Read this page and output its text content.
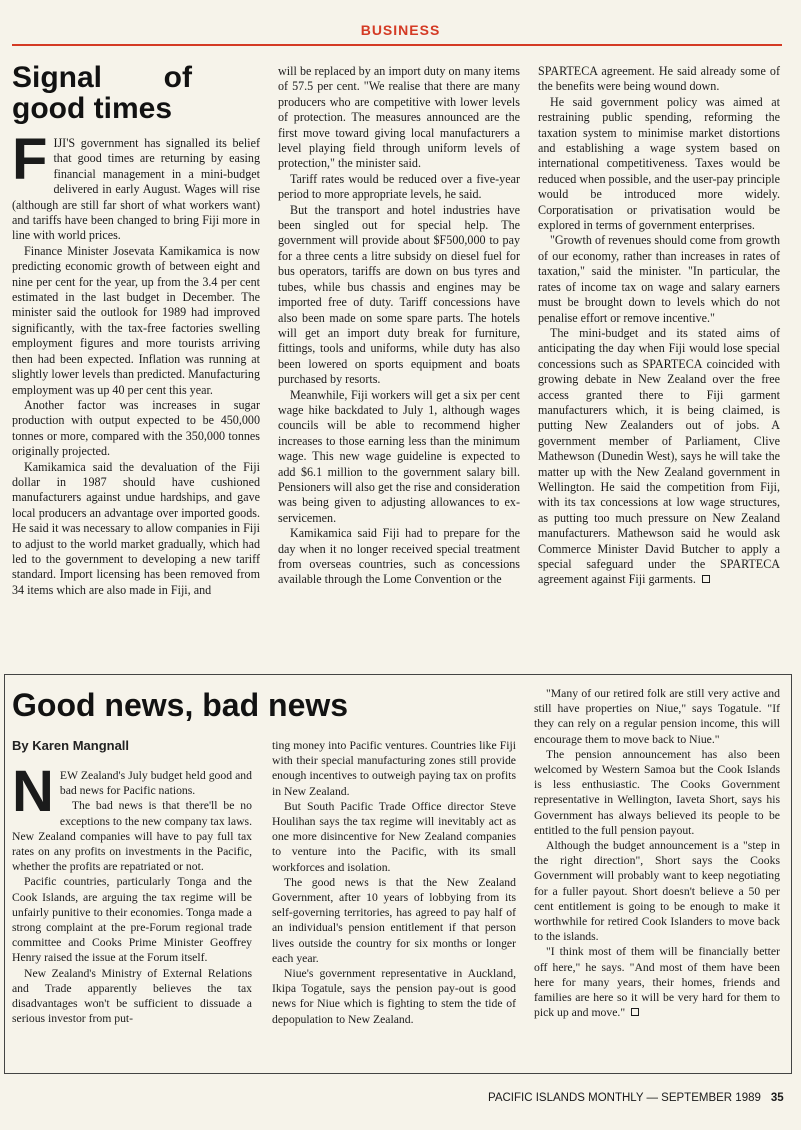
BUSINESS
Signal of good times

FIJI'S government has signalled its belief that good times are returning by easing financial management in a mini-budget delivered in early August. Wages will rise (although are still far short of what workers want) and tariffs have been changed to bring Fiji more in line with world prices.

Finance Minister Josevata Kamikamica is now predicting economic growth of between eight and nine per cent for the year, up from the 3.4 per cent estimated in the last budget in December. The minister said the outlook for 1989 had improved significantly, with the tax-free factories swelling employment figures and more tourists arriving then had been expected. Inflation was running at slightly lower levels than predicted. Manufacturing employment was up 40 per cent this year.

Another factor was increases in sugar production with output expected to be 450,000 tonnes or more, compared with the 350,000 tonnes originally projected.

Kamikamica said the devaluation of the Fiji dollar in 1987 should have cushioned manufacturers against undue hardships, and gave local producers an advantage over imported goods. He said it was necessary to allow companies in Fiji to adjust to the world market gradually, which had led to the government to developing a new tariff standard. Import licensing has been removed from 34 items which are also made in Fiji, and

will be replaced by an import duty on many items of 57.5 per cent. "We realise that there are many producers who are competitive with lower levels of protection. The measures announced are the first move toward giving local manufacturers a level playing field through uniform levels of protection," the minister said.

Tariff rates would be reduced over a five-year period to more appropriate levels, he said.

But the transport and hotel industries have been singled out for special help. The government will provide about $F500,000 to pay for a three cents a litre subsidy on diesel fuel for bus operators, tariffs are down on bus tyres and tubes, while bus chassis and engines may be imported free of duty. Tariff concessions have also been made on some spare parts. The hotels will get an import duty break for furniture, fittings, tools and uniforms, while duty has also been lowered on sports equipment and boats purchased by resorts.

Meanwhile, Fiji workers will get a six per cent wage hike backdated to July 1, although wages councils will be able to recommend higher increases to those earning less than the minimum wage. This new wage guideline is expected to add $6.1 million to the government salary bill. Pensioners will also get the rise and consideration was being given to adjusting allowances to ex-servicemen.

Kamikamica said Fiji had to prepare for the day when it no longer received special treatment from overseas countries, such as concessions available through the Lome Convention or the

SPARTECA agreement. He said already some of the benefits were being wound down.

He said government policy was aimed at restraining public spending, reforming the taxation system to minimise market distortions and establishing a wage system based on international competitiveness. Taxes would be reduced when possible, and the user-pay principle would be introduced more widely. Corporatisation or privatisation would be explored in terms of government enterprises.

"Growth of revenues should come from growth of our economy, rather than increases in rates of taxation," said the minister. "In particular, the rates of income tax on wage and salary earners must be brought down to levels which do not penalise effort or remove incentive."

The mini-budget and its stated aims of anticipating the day when Fiji would lose special concessions such as SPARTECA coincided with growing debate in New Zealand over the free access granted there to Fiji garment manufacturers which, it is being claimed, is putting New Zealanders out of jobs. A government member of Parliament, Clive Mathewson (Dunedin West), says he will take the matter up with the New Zealand government in Wellington. He said the competition from Fiji, with its tax concessions at low wage structures, as putting too much pressure on New Zealand manufacturers. Mathewson said he would ask Commerce Minister David Butcher to apply a special safeguard under the SPARTECA agreement against Fiji garments.

Good news, bad news
By Karen Mangnall

NEW Zealand's July budget held good and bad news for Pacific nations.

The bad news is that there'll be no exceptions to the new company tax laws. New Zealand companies will have to pay full tax rates on any profits on investments in the Pacific, whether the profits are repatriated or not.

Pacific countries, particularly Tonga and the Cook Islands, are arguing the tax regime will be unfairly punitive to their economies. Tonga made a strong complaint at the pre-Forum regional trade committee and Cooks Prime Minister Geoffrey Henry raised the issue at the Forum itself.

New Zealand's Ministry of External Relations and Trade apparently believes the tax disadvantages won't be sufficient to dissuade a serious investor from put-

ting money into Pacific ventures. Countries like Fiji with their special manufacturing zones still provide enough incentives to outweigh paying tax on profits in New Zealand.

But South Pacific Trade Office director Steve Houlihan says the tax regime will inevitably act as one more disincentive for New Zealand companies to venture into the Pacific, with its small workforces and isolation.

The good news is that the New Zealand Government, after 10 years of lobbying from its self-governing territories, has agreed to pay half of an individual's pension entitlement if that person lives outside the country for six months or longer each year.

Niue's government representative in Auckland, Ikipa Togatule, says the pension pay-out is good news for Niue which is fighting to stem the tide of depopulation to New Zealand.

"Many of our retired folk are still very active and still have properties on Niue," says Togatule. "If they can rely on a regular pension income, this will encourage them to move back to Niue."

The pension announcement has also been welcomed by Western Samoa but the Cook Islands is less enthusiastic. The Cooks Government representative in Wellington, Iaveta Short, says his Government has always believed its people to be entitled to the full pension payout.

Although the budget announcement is a "step in the right direction", Short says the Cooks Government will probably want to keep negotiating for a fuller payout. Short doesn't believe a 50 per cent entitlement is going to be enough to make it worthwhile for retired Cook Islanders to move back to the islands.

"I think most of them will be financially better off here," he says. "And most of them have been here for many years, their homes, friends and families are here so it will be very hard for them to pick up and move."

PACIFIC ISLANDS MONTHLY — SEPTEMBER 1989 35
